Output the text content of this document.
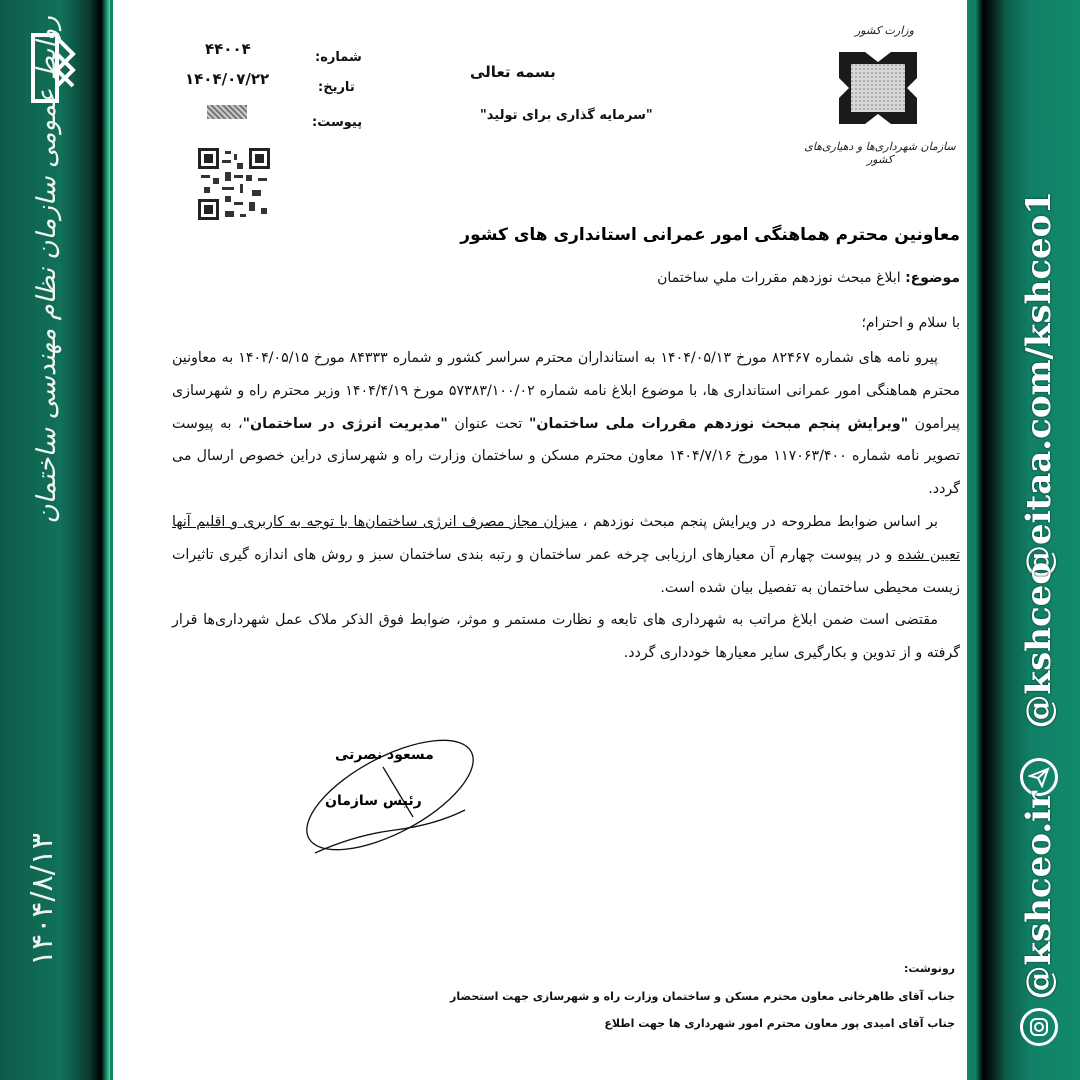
روابط عمومی سازمان نظام مهندسی ساختمان
۱۴۰۴/۸/۱۳
@eitaa.com/kshceo1
@kshceo
@kshceo.ir
شماره:
۴۴۰۰۴
تاریخ:
۱۴۰۴/۰۷/۲۲
پیوست:
بسمه تعالی
"سرمایه گذاری برای تولید"
وزارت کشور
سازمان شهرداری‌ها و دهیاری‌های کشور
معاونین محترم هماهنگی امور عمرانی استانداری های کشور
موضوع: ابلاغ مبحث نوزدهم مقررات ملي ساختمان
با سلام و احترام؛

پیرو نامه های شماره ۸۲۴۶۷ مورخ ۱۴۰۴/۰۵/۱۳ به استانداران محترم سراسر کشور و شماره ۸۴۳۳۳ مورخ ۱۴۰۴/۰۵/۱۵ به معاونین محترم هماهنگی امور عمرانی استانداری ها، با موضوع ابلاغ نامه شماره ۵۷۳۸۳/۱۰۰/۰۲ مورخ ۱۴۰۴/۴/۱۹ وزیر محترم راه و شهرسازی پیرامون "ویرایش پنجم مبحث نوزدهم مقررات ملی ساختمان" تحت عنوان "مدیریت انرژی در ساختمان"، به پیوست تصویر نامه شماره ۱۱۷۰۶۳/۴۰۰ مورخ ۱۴۰۴/۷/۱۶ معاون محترم مسکن و ساختمان وزارت راه و شهرسازی دراین خصوص ارسال می گردد.

بر اساس ضوابط مطروحه در ویرایش پنجم مبحث نوزدهم ، میزان مجاز مصرف انرژی ساختمان‌ها با توجه به کاربری و اقلیم آنها تعیین شده و در پیوست چهارم آن معیارهای ارزیابی چرخه عمر ساختمان و رتبه بندی ساختمان سبز و روش های اندازه گیری تاثیرات زیست محیطی ساختمان به تفصیل بیان شده است.

مقتضی است ضمن ابلاغ مراتب به شهرداری های تابعه و نظارت مستمر و موثر، ضوابط فوق الذکر ملاک عمل شهرداری‌ها قرار گرفته و از تدوین و بکارگیری سایر معیارها خودداری گردد.

مسعود نصرتی
رئیس سازمان
رونوشت:
جناب آقای طاهرخانی معاون محترم مسکن و ساختمان وزارت راه و شهرسازی جهت استحضار
جناب آقای امیدی پور معاون محترم امور شهرداری ها جهت اطلاع
